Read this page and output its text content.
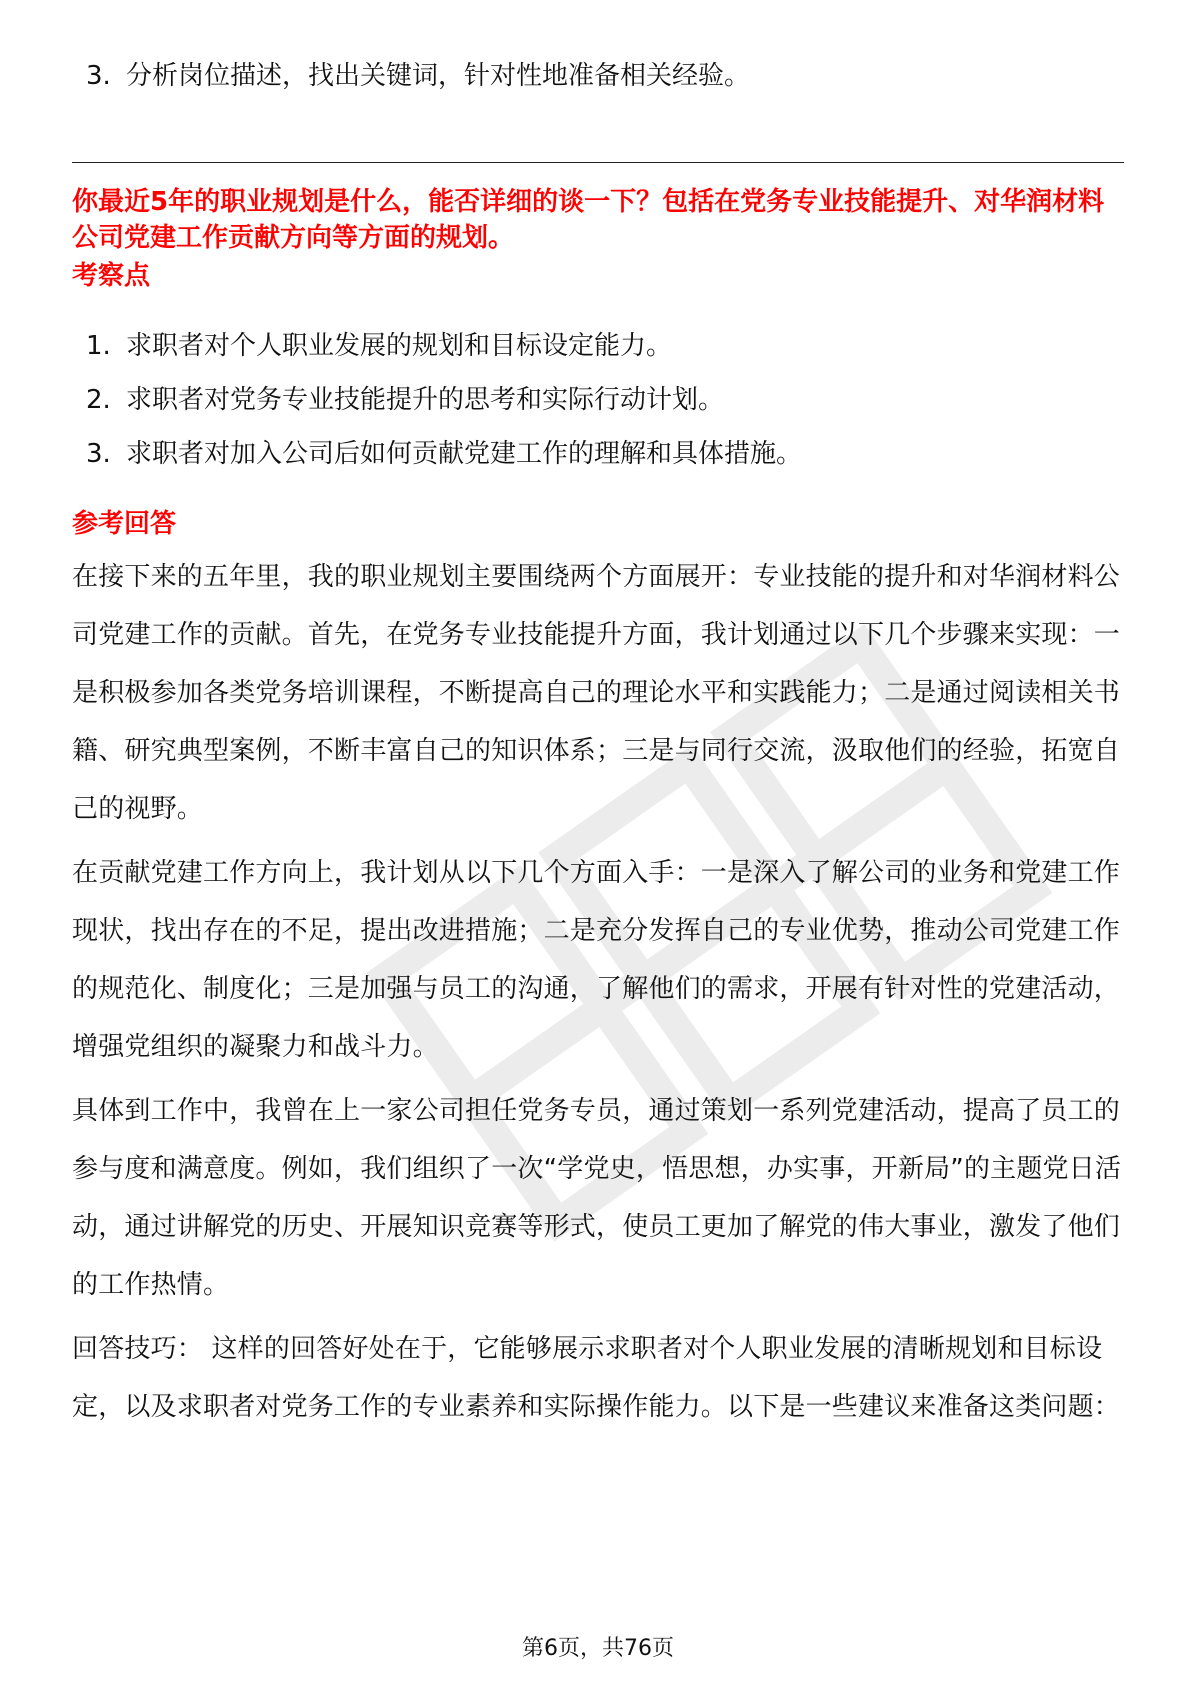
3. 分析岗位描述，找出关键词，针对性地准备相关经验。
你最近5年的职业规划是什么，能否详细的谈一下？包括在党务专业技能提升、对华润材料公司党建工作贡献方向等方面的规划。
考察点
1. 求职者对个人职业发展的规划和目标设定能力。
2. 求职者对党务专业技能提升的思考和实际行动计划。
3. 求职者对加入公司后如何贡献党建工作的理解和具体措施。
参考回答

在接下来的五年里，我的职业规划主要围绕两个方面展开：专业技能的提升和对华润材料公司党建工作的贡献。首先，在党务专业技能提升方面，我计划通过以下几个步骤来实现：一是积极参加各类党务培训课程，不断提高自己的理论水平和实践能力；二是通过阅读相关书籍、研究典型案例，不断丰富自己的知识体系；三是与同行交流，汲取他们的经验，拓宽自己的视野。

在贡献党建工作方向上，我计划从以下几个方面入手：一是深入了解公司的业务和党建工作现状，找出存在的不足，提出改进措施；二是充分发挥自己的专业优势，推动公司党建工作的规范化、制度化；三是加强与员工的沟通，了解他们的需求，开展有针对性的党建活动，增强党组织的凝聚力和战斗力。

具体到工作中，我曾在上一家公司担任党务专员，通过策划一系列党建活动，提高了员工的参与度和满意度。例如，我们组织了一次“学党史，悟思想，办实事，开新局”的主题党日活动，通过讲解党的历史、开展知识竞赛等形式，使员工更加了解党的伟大事业，激发了他们的工作热情。

回答技巧： 这样的回答好处在于，它能够展示求职者对个人职业发展的清晰规划和目标设定，以及求职者对党务工作的专业素养和实际操作能力。以下是一些建议来准备这类问题：

第6页，共76页
